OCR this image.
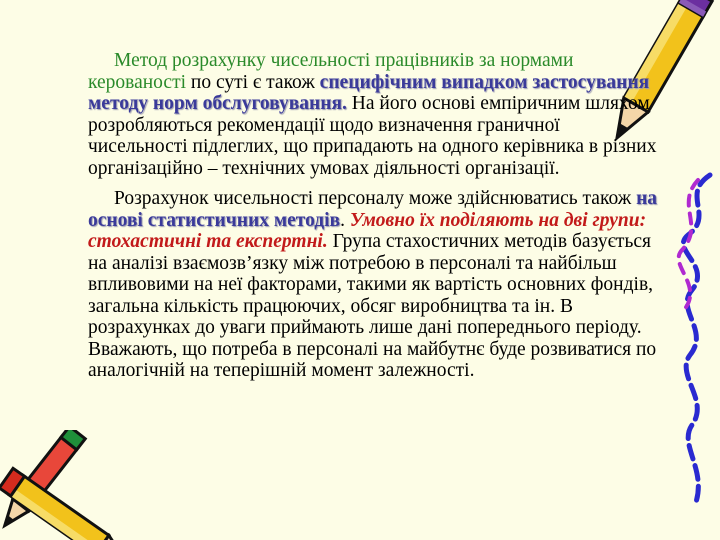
Метод розрахунку чисельності працівників за нормами керованості по суті є також специфічним випадком застосування методу норм обслуговування. На його основі емпіричним шляхом розробляються рекомендації щодо визначення граничної чисельності підлеглих, що припадають на одного керівника в різних організаційно – технічних умовах діяльності організації.

Розрахунок чисельності персоналу може здійснюватись також на основі статистичних методів. Умовно їх поділяють на дві групи: стохастичні та експертні. Група стахостичних методів базується на аналізі взаємозв’язку між потребою в персоналі та найбільш впливовими на неї факторами, такими як вартість основних фондів, загальна кількість працюючих, обсяг виробництва та ін. В розрахунках до уваги приймають лише дані попереднього періоду. Вважають, що потреба в персоналі на майбутнє буде розвиватися по аналогічній на теперішній момент залежності.
